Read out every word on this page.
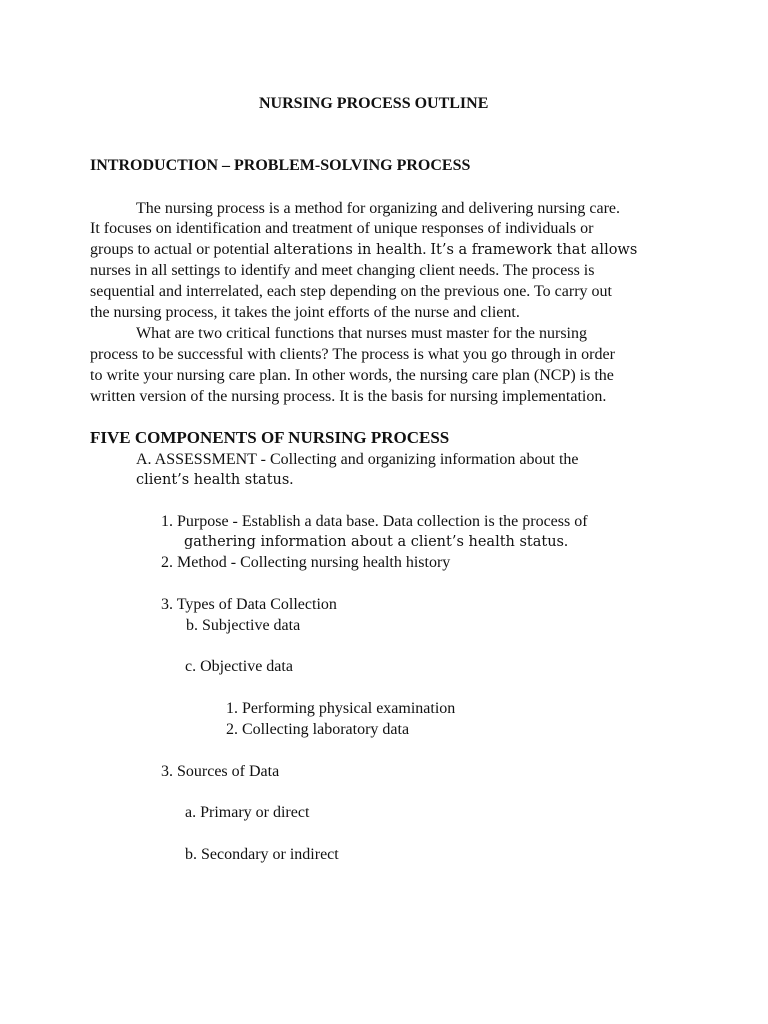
NURSING PROCESS OUTLINE
INTRODUCTION – PROBLEM-SOLVING PROCESS
The nursing process is a method for organizing and delivering nursing care.
It focuses on identification and treatment of unique responses of individuals or
groups to actual or potential alterations in health. It’s a framework that allows
nurses in all settings to identify and meet changing client needs. The process is
sequential and interrelated, each step depending on the previous one. To carry out
the nursing process, it takes the joint efforts of the nurse and client.
What are two critical functions that nurses must master for the nursing
process to be successful with clients? The process is what you go through in order
to write your nursing care plan. In other words, the nursing care plan (NCP) is the
written version of the nursing process. It is the basis for nursing implementation.
FIVE COMPONENTS OF NURSING PROCESS
A. ASSESSMENT - Collecting and organizing information about the
client’s health status.
1. Purpose - Establish a data base. Data collection is the process of
gathering information about a client’s health status.
2. Method - Collecting nursing health history
3. Types of Data Collection
b. Subjective data
c. Objective data
1. Performing physical examination
2. Collecting laboratory data
3. Sources of Data
a. Primary or direct
b. Secondary or indirect
